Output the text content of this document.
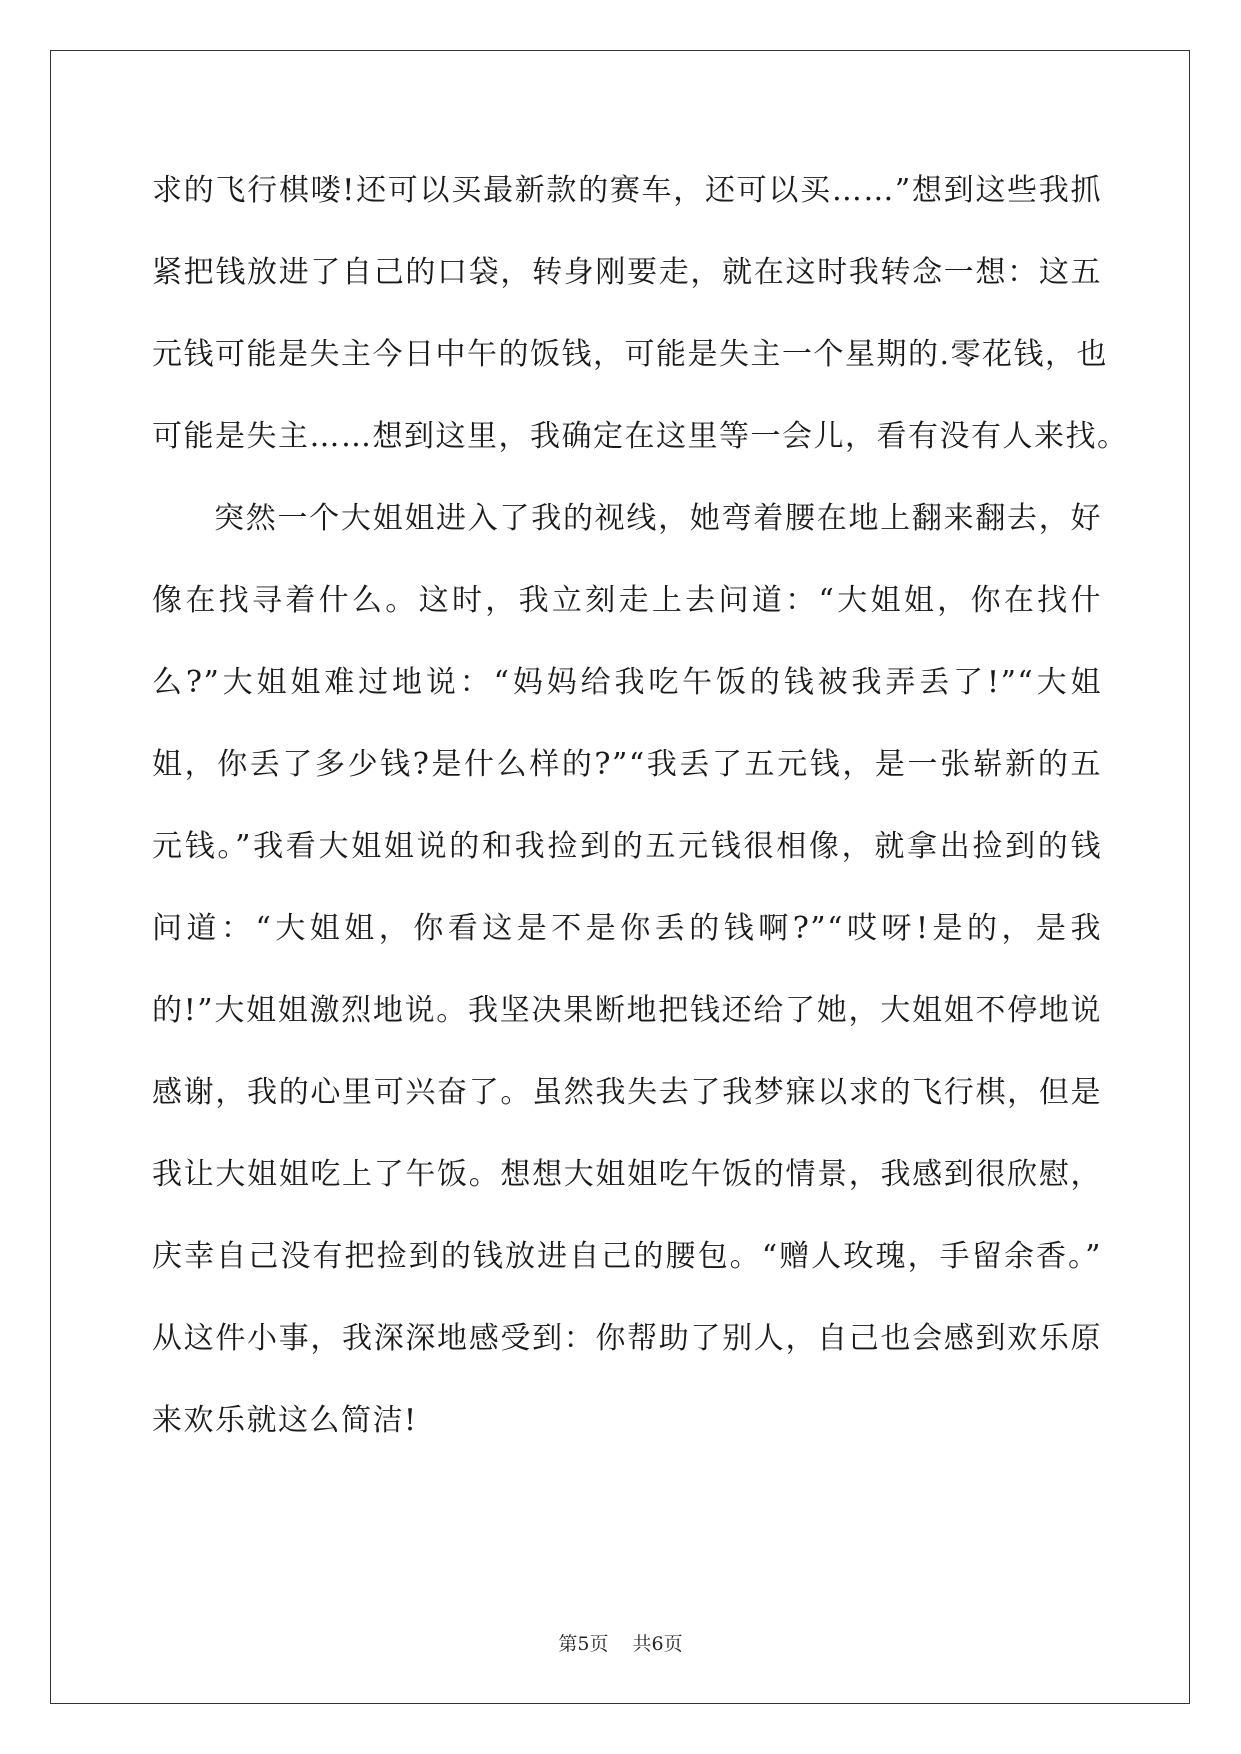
求的飞行棋喽!还可以买最新款的赛车，还可以买……”想到这些我抓
紧把钱放进了自己的口袋，转身刚要走，就在这时我转念一想：这五
元钱可能是失主今日中午的饭钱，可能是失主一个星期的.零花钱，也
可能是失主……想到这里，我确定在这里等一会儿，看有没有人来找。
突然一个大姐姐进入了我的视线，她弯着腰在地上翻来翻去，好
像在找寻着什么。这时，我立刻走上去问道：“大姐姐，你在找什
么?”大姐姐难过地说：“妈妈给我吃午饭的钱被我弄丢了!”“大姐
姐，你丢了多少钱?是什么样的?”“我丢了五元钱，是一张崭新的五
元钱。”我看大姐姐说的和我捡到的五元钱很相像，就拿出捡到的钱
问道：“大姐姐，你看这是不是你丢的钱啊?”“哎呀!是的，是我
的!”大姐姐激烈地说。我坚决果断地把钱还给了她，大姐姐不停地说
感谢，我的心里可兴奋了。虽然我失去了我梦寐以求的飞行棋，但是
我让大姐姐吃上了午饭。想想大姐姐吃午饭的情景，我感到很欣慰，
庆幸自己没有把捡到的钱放进自己的腰包。“赠人玫瑰，手留余香。”
从这件小事，我深深地感受到：你帮助了别人，自己也会感到欢乐原
来欢乐就这么简洁!
第5页 共6页
